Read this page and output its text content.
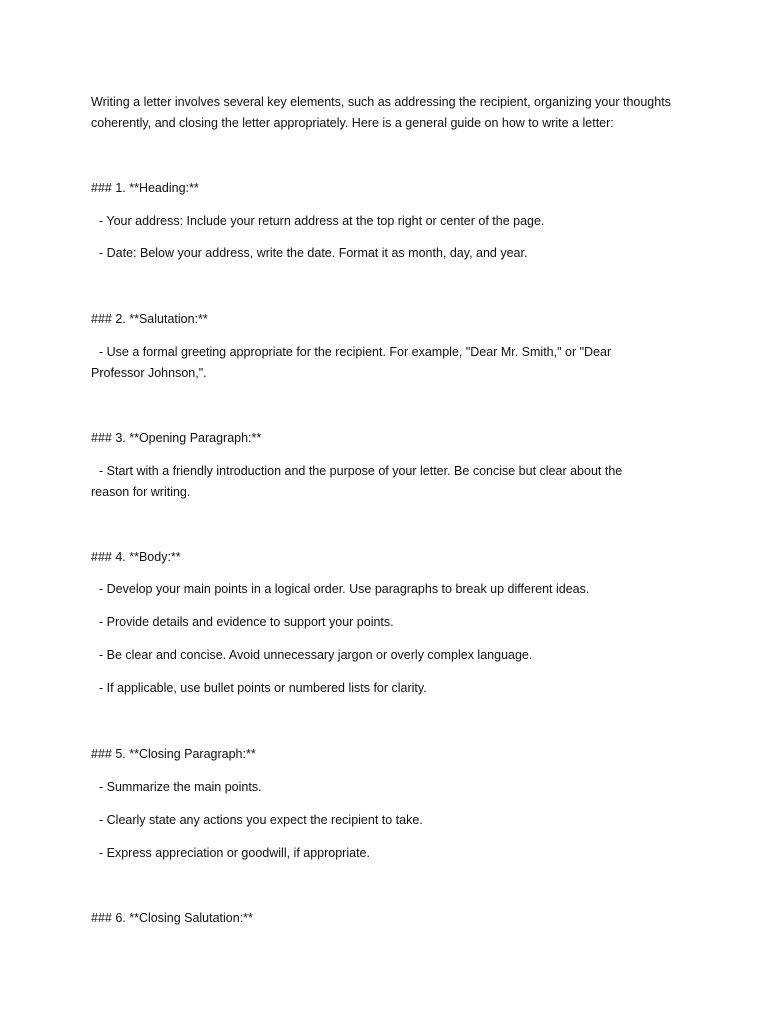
Writing a letter involves several key elements, such as addressing the recipient, organizing your thoughts
coherently, and closing the letter appropriately. Here is a general guide on how to write a letter:
### 1. **Heading:**
- Your address: Include your return address at the top right or center of the page.
- Date: Below your address, write the date. Format it as month, day, and year.
### 2. **Salutation:**
- Use a formal greeting appropriate for the recipient. For example, "Dear Mr. Smith," or "Dear
Professor Johnson,".
### 3. **Opening Paragraph:**
- Start with a friendly introduction and the purpose of your letter. Be concise but clear about the
reason for writing.
### 4. **Body:**
- Develop your main points in a logical order. Use paragraphs to break up different ideas.
- Provide details and evidence to support your points.
- Be clear and concise. Avoid unnecessary jargon or overly complex language.
- If applicable, use bullet points or numbered lists for clarity.
### 5. **Closing Paragraph:**
- Summarize the main points.
- Clearly state any actions you expect the recipient to take.
- Express appreciation or goodwill, if appropriate.
### 6. **Closing Salutation:**
